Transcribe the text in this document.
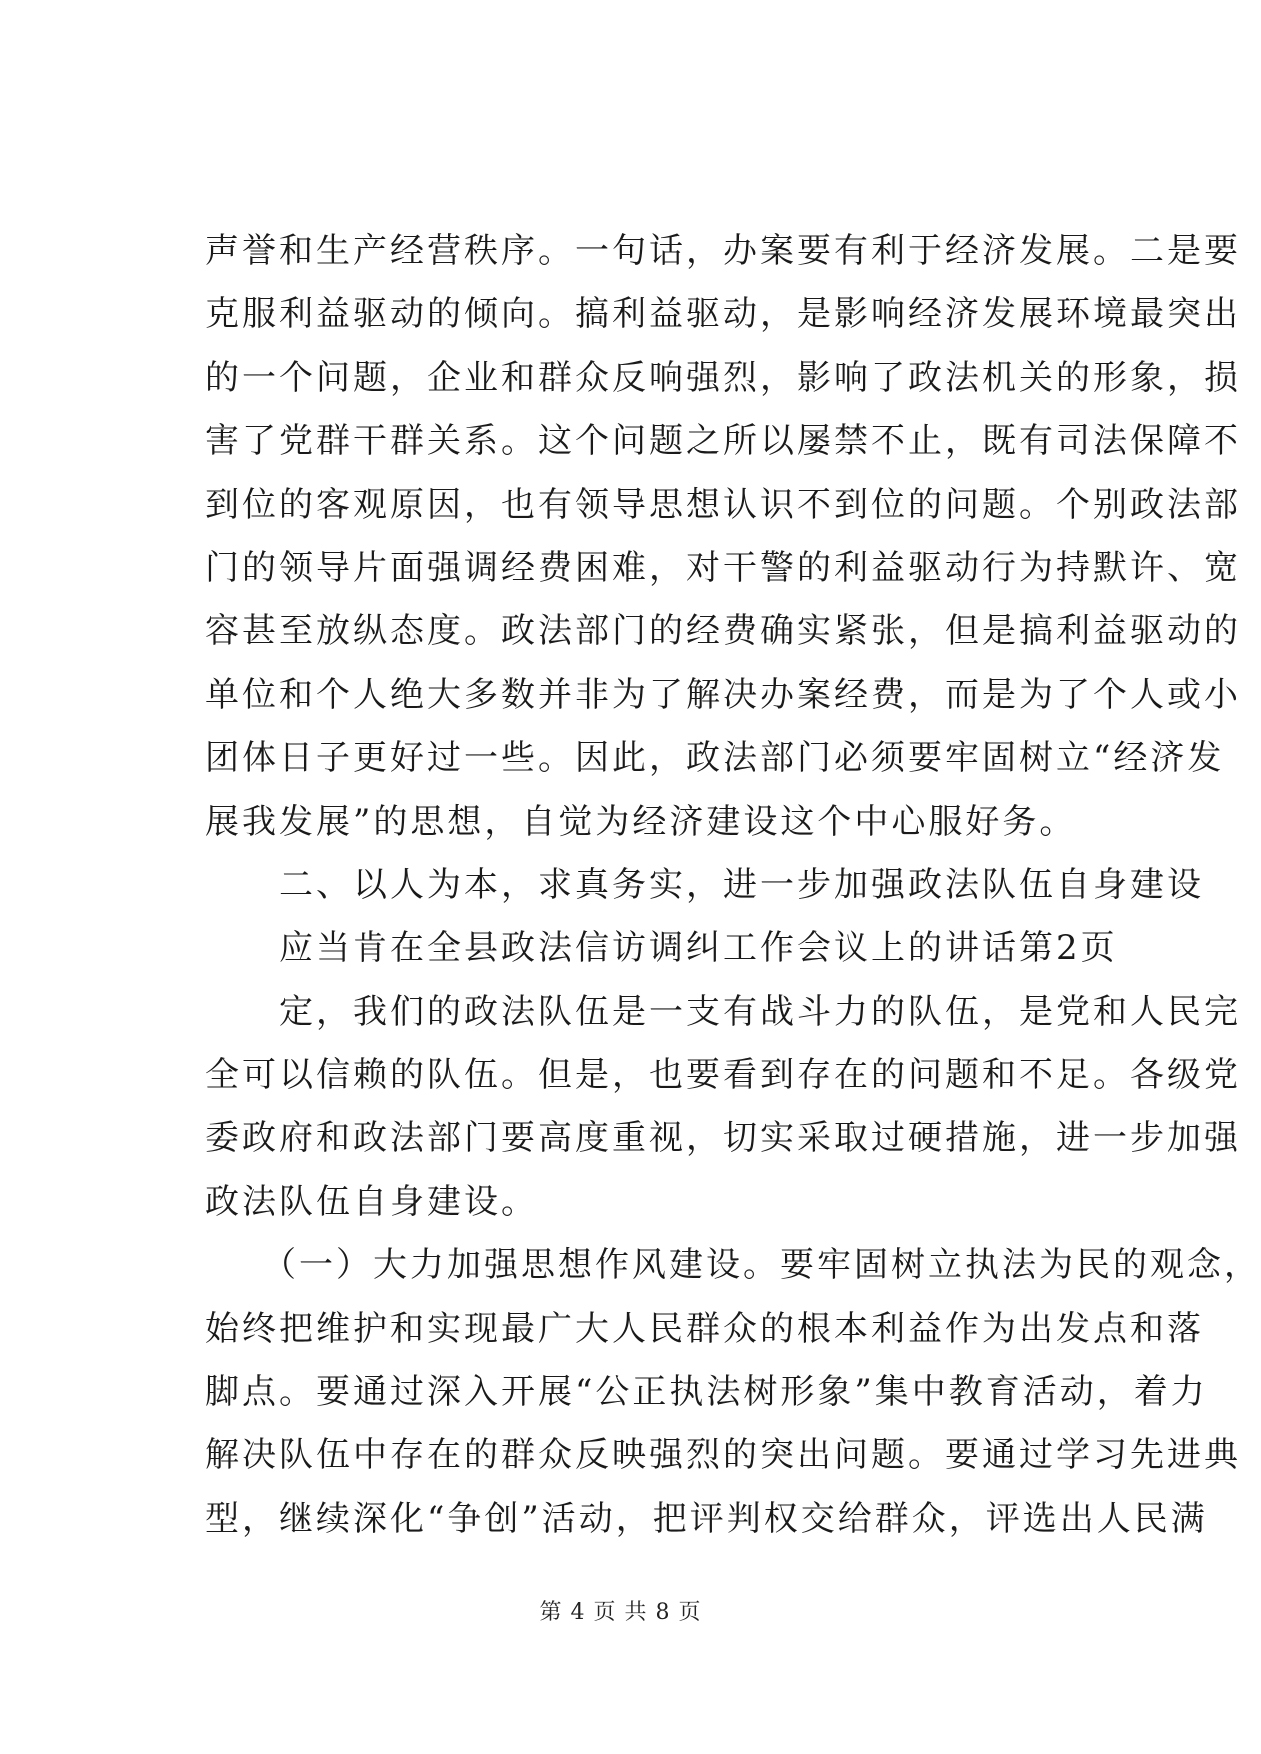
声誉和生产经营秩序。一句话，办案要有利于经济发展。二是要
克服利益驱动的倾向。搞利益驱动，是影响经济发展环境最突出
的一个问题，企业和群众反响强烈，影响了政法机关的形象，损
害了党群干群关系。这个问题之所以屡禁不止，既有司法保障不
到位的客观原因，也有领导思想认识不到位的问题。个别政法部
门的领导片面强调经费困难，对干警的利益驱动行为持默许、宽
容甚至放纵态度。政法部门的经费确实紧张，但是搞利益驱动的
单位和个人绝大多数并非为了解决办案经费，而是为了个人或小
团体日子更好过一些。因此，政法部门必须要牢固树立“经济发
展我发展”的思想，自觉为经济建设这个中心服好务。
　　二、以人为本，求真务实，进一步加强政法队伍自身建设
　　应当肯在全县政法信访调纠工作会议上的讲话第2页
　　定，我们的政法队伍是一支有战斗力的队伍，是党和人民完
全可以信赖的队伍。但是，也要看到存在的问题和不足。各级党
委政府和政法部门要高度重视，切实采取过硬措施，进一步加强
政法队伍自身建设。
　　（一）大力加强思想作风建设。要牢固树立执法为民的观念，
始终把维护和实现最广大人民群众的根本利益作为出发点和落
脚点。要通过深入开展“公正执法树形象”集中教育活动，着力
解决队伍中存在的群众反映强烈的突出问题。要通过学习先进典
型，继续深化“争创”活动，把评判权交给群众，评选出人民满
第 4 页 共 8 页
